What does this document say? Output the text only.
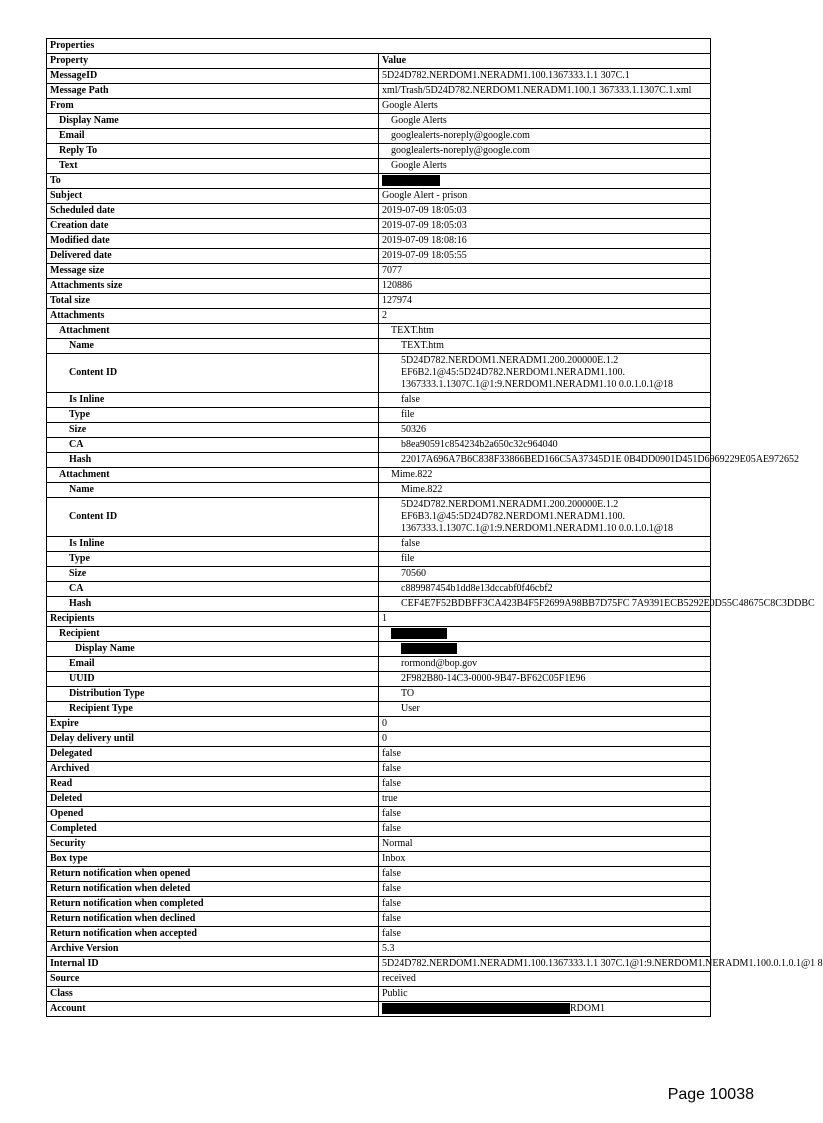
Properties	
Property	Value
MessageID	5D24D782.NERDOM1.NERADM1.100.1367333.1.1 307C.1
Message Path	xml/Trash/5D24D782.NERDOM1.NERADM1.100.1 367333.1.1307C.1.xml
From	Google Alerts
Display Name	Google Alerts
Email	googlealerts-noreply@google.com
Reply To	googlealerts-noreply@google.com
Text	Google Alerts
To	
Subject	Google Alert - prison
Scheduled date	2019-07-09 18:05:03
Creation date	2019-07-09 18:05:03
Modified date	2019-07-09 18:08:16
Delivered date	2019-07-09 18:05:55
Message size	7077
Attachments size	120886
Total size	127974
Attachments	2
Attachment	TEXT.htm
Name	TEXT.htm
Content ID	5D24D782.NERDOM1.NERADM1.200.200000E.1.2
EF6B2.1@45:5D24D782.NERDOM1.NERADM1.100.
1367333.1.1307C.1@1:9.NERDOM1.NERADM1.10 0.0.1.0.1@18

Is Inline	false
Type	file
Size	50326
CA	b8ea90591c854234b2a650c32c964040
Hash	22017A696A7B6C838F33866BED166C5A37345D1E 0B4DD0901D451D6969229E05AE972652
Attachment	Mime.822
Name	Mime.822
Content ID	5D24D782.NERDOM1.NERADM1.200.200000E.1.2
EF6B3.1@45:5D24D782.NERDOM1.NERADM1.100.
1367333.1.1307C.1@1:9.NERDOM1.NERADM1.10 0.0.1.0.1@18

Is Inline	false
Type	file
Size	70560
CA	c889987454b1dd8e13dccabf0f46cbf2
Hash	CEF4E7F52BDBFF3CA423B4F5F2699A98BB7D75FC 7A9391ECB5292E0D55C48675C8C3DDBC
Recipients	1
Recipient	
Display Name	
Email	rormond@bop.gov
UUID	2F982B80-14C3-0000-9B47-BF62C05F1E96
Distribution Type	TO
Recipient Type	User
Expire	0
Delay delivery until	0
Delegated	false
Archived	false
Read	false
Deleted	true
Opened	false
Completed	false
Security	Normal
Box type	Inbox
Return notification when opened	false
Return notification when deleted	false
Return notification when completed	false
Return notification when declined	false
Return notification when accepted	false
Archive Version	5.3
Internal ID	5D24D782.NERDOM1.NERADM1.100.1367333.1.1 307C.1@1:9.NERDOM1.NERADM1.100.0.1.0.1@1 8
Source	received
Class	Public
Account	RDOM1
Page 10038
